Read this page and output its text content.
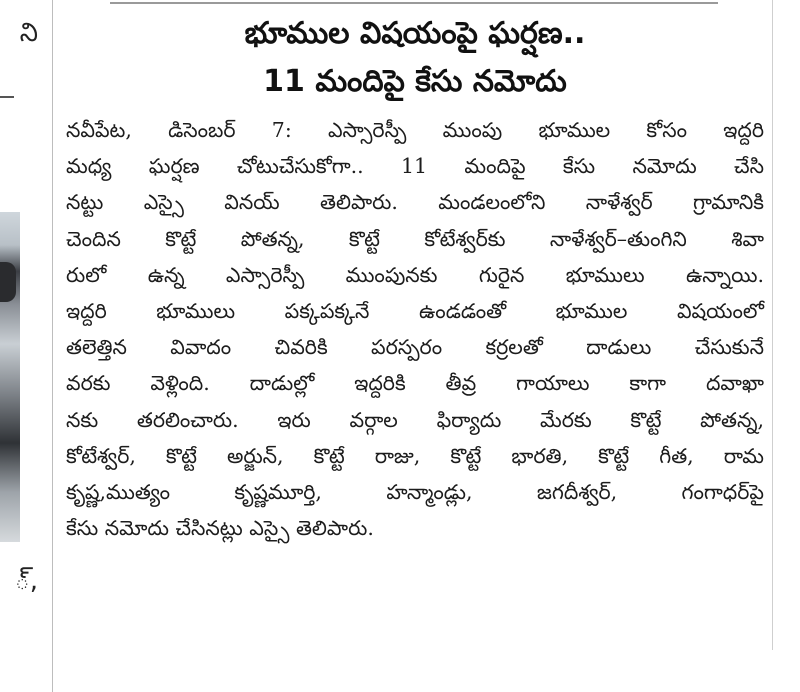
ని
్,
భూముల విషయంపై ఘర్షణ..
11 మందిపై కేసు నమోదు
నవీపేట, డిసెంబర్ 7: ఎస్సారెస్పీ ముంపు భూముల కోసం ఇద్దరి
మధ్య ఘర్షణ చోటుచేసుకోగా.. 11 మందిపై కేసు నమోదు చేసి
నట్టు ఎస్సై వినయ్ తెలిపారు. మండలంలోని నాళేశ్వర్ గ్రామానికి
చెందిన కొట్టే పోతన్న, కొట్టే కోటేశ్వర్‌కు నాళేశ్వర్–తుంగిని శివా
రులో ఉన్న ఎస్సారెస్పీ ముంపునకు గురైన భూములు ఉన్నాయి.
ఇద్దరి భూములు పక్కపక్కనే ఉండడంతో భూముల విషయంలో
తలెత్తిన వివాదం చివరికి పరస్పరం కర్రలతో దాడులు చేసుకునే
వరకు వెళ్లింది. దాడుల్లో ఇద్దరికి తీవ్ర గాయాలు కాగా దవాఖా
నకు తరలించారు. ఇరు వర్గాల ఫిర్యాదు మేరకు కొట్టే పోతన్న,
కోటేశ్వర్, కొట్టే అర్జున్, కొట్టే రాజు, కొట్టే భారతి, కొట్టే గీత, రామ
కృష్ణ,ముత్యం కృష్ణమూర్తి, హన్మాండ్లు, జగదీశ్వర్, గంగాధర్‌పై
కేసు నమోదు చేసినట్లు ఎస్సై తెలిపారు.
